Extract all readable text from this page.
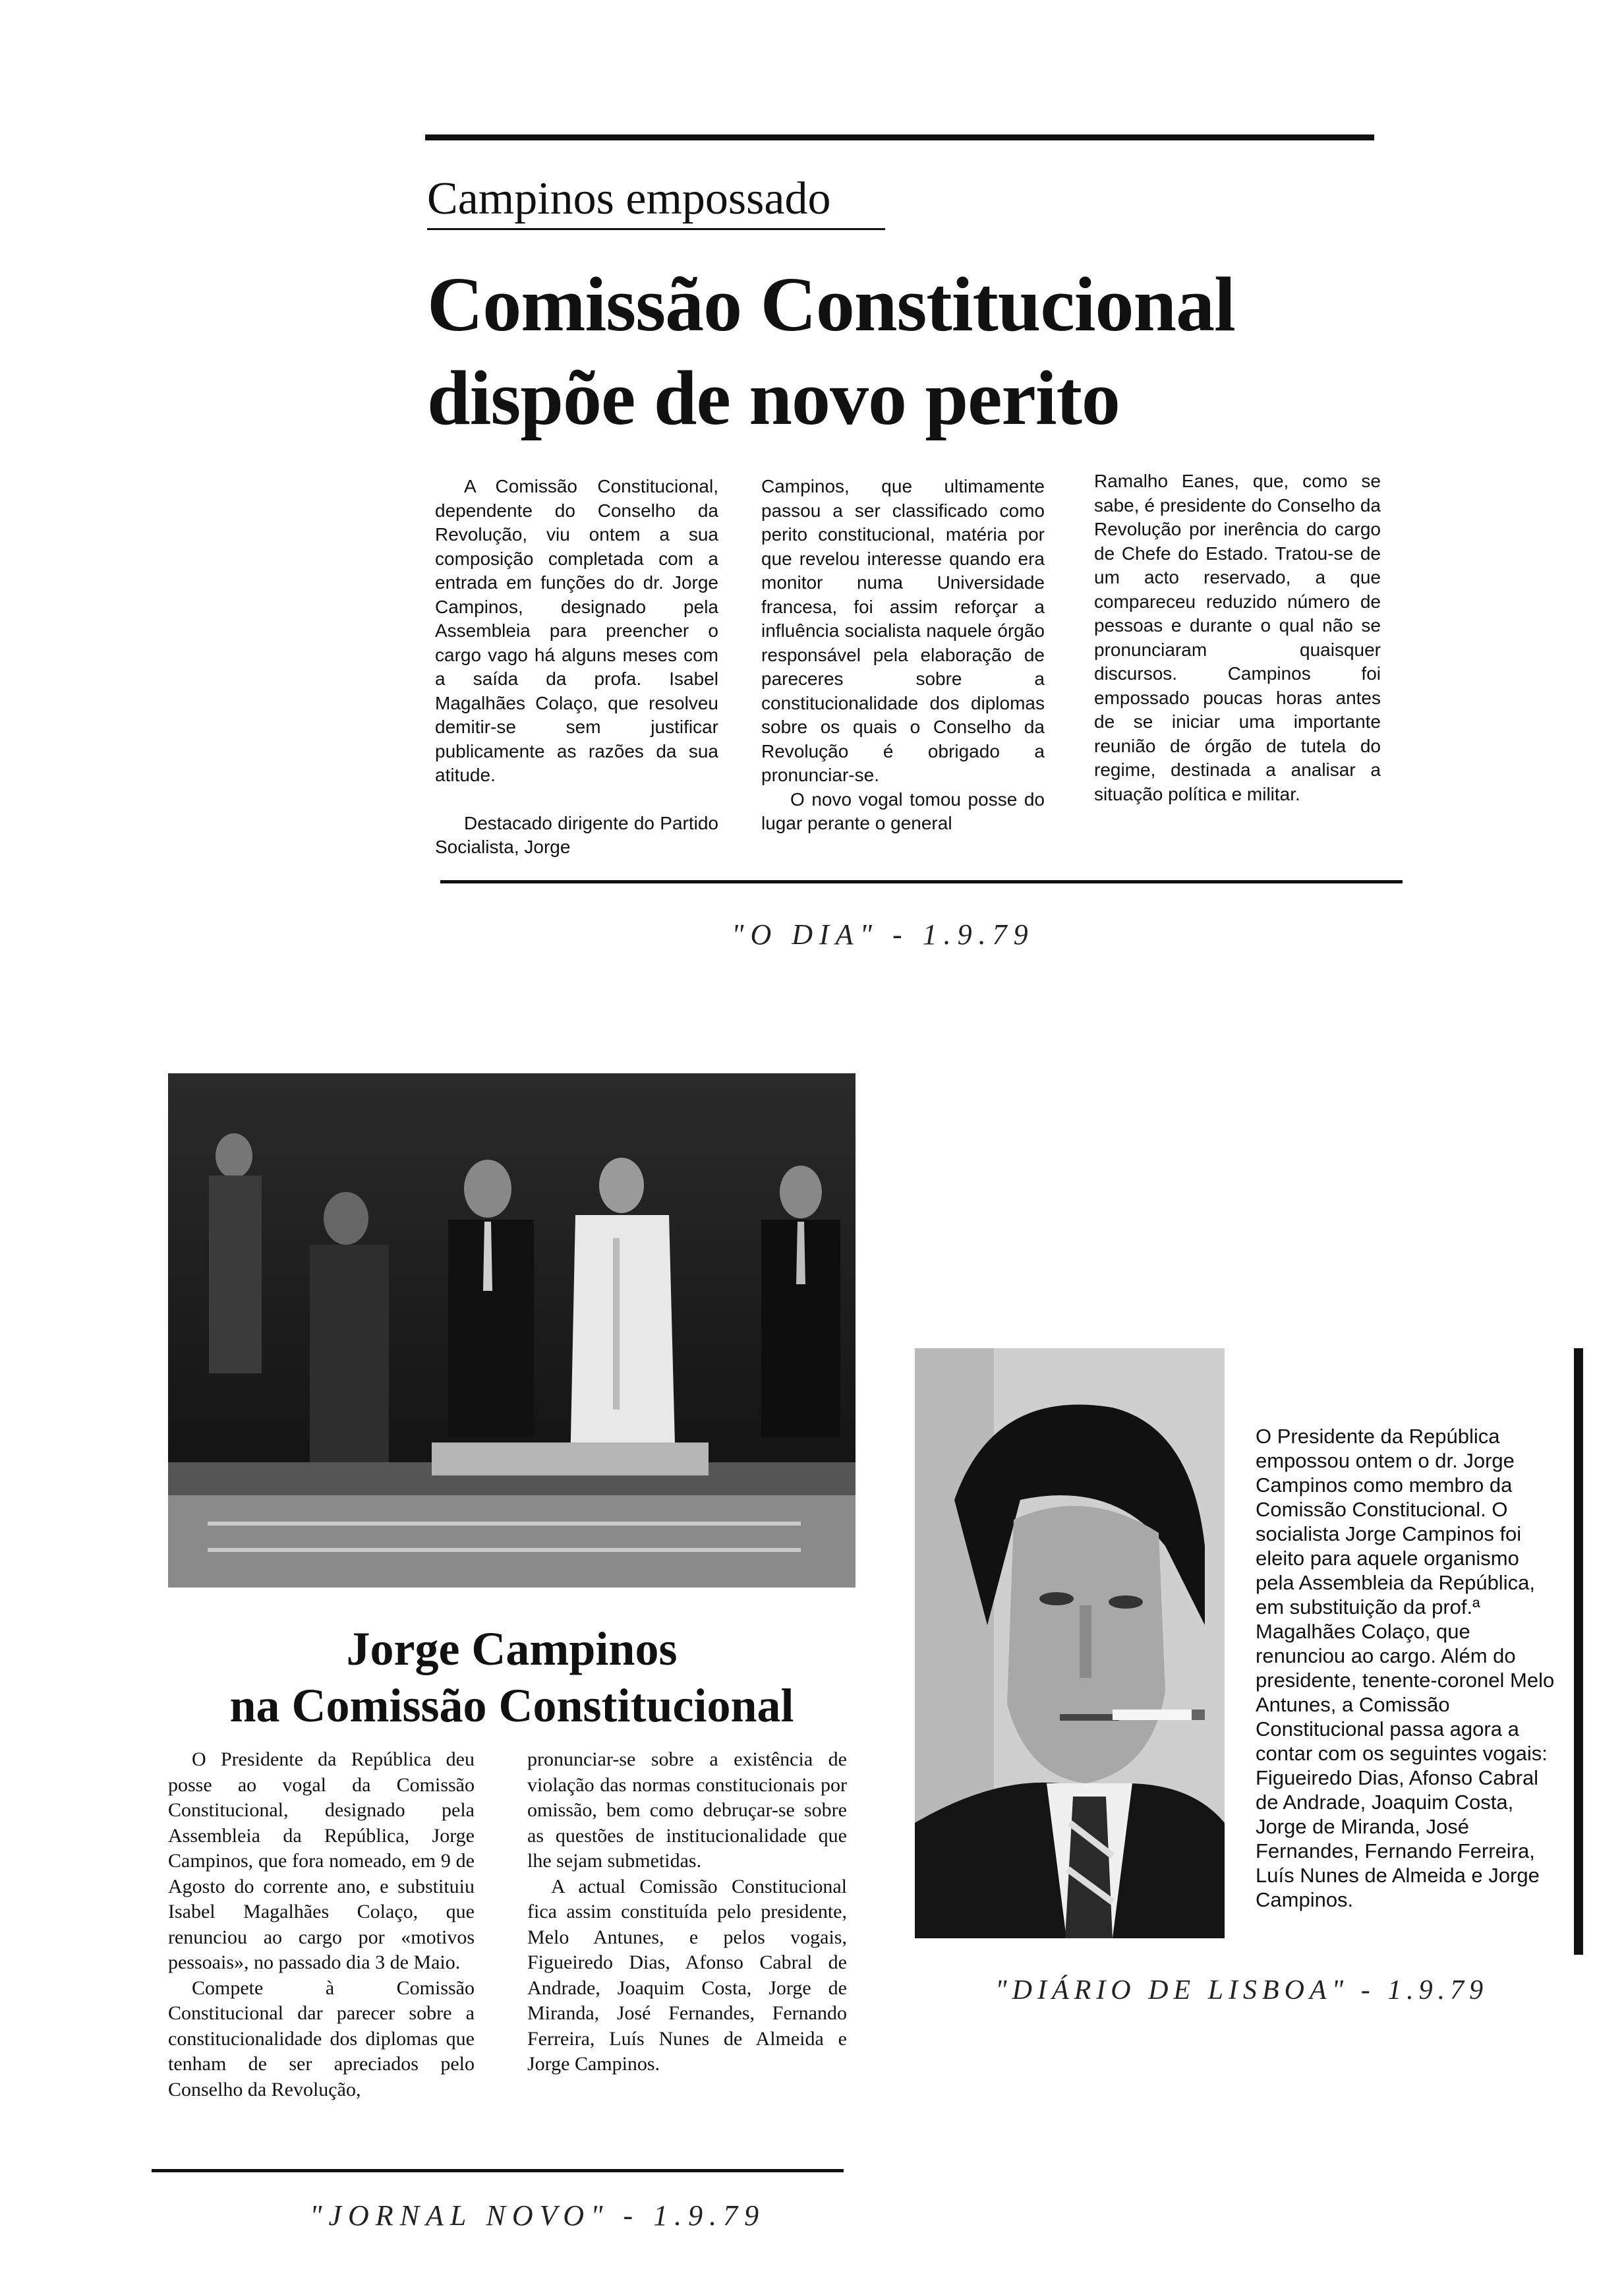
Campinos empossado
Comissão Constitucional
dispõe de novo perito

A Comissão Constitucional, dependente do Conselho da Revolução, viu ontem a sua composição completada com a entrada em funções do dr. Jorge Campinos, designado pela Assembleia para preencher o cargo vago há alguns meses com a saída da profa. Isabel Magalhães Colaço, que resolveu demitir-se sem justificar publicamente as razões da sua atitude.

Destacado dirigente do Partido Socialista, Jorge

Campinos, que ultimamente passou a ser classificado como perito constitucional, matéria por que revelou interesse quando era monitor numa Universidade francesa, foi assim reforçar a influência socialista naquele órgão responsável pela elaboração de pareceres sobre a constitucionalidade dos diplomas sobre os quais o Conselho da Revolução é obrigado a pronunciar-se.

O novo vogal tomou posse do lugar perante o general

Ramalho Eanes, que, como se sabe, é presidente do Conselho da Revolução por inerência do cargo de Chefe do Estado. Tratou-se de um acto reservado, a que compareceu reduzido número de pessoas e durante o qual não se pronunciaram quaisquer discursos. Campinos foi empossado poucas horas antes de se iniciar uma importante reunião de órgão de tutela do regime, destinada a analisar a situação política e militar.

"O DIA" - 1.9.79
Jorge Campinos
na Comissão Constitucional

O Presidente da República deu posse ao vogal da Comissão Constitucional, designado pela Assembleia da República, Jorge Campinos, que fora nomeado, em 9 de Agosto do corrente ano, e substituiu Isabel Magalhães Colaço, que renunciou ao cargo por «motivos pessoais», no passado dia 3 de Maio.

Compete à Comissão Constitucional dar parecer sobre a constitucionalidade dos diplomas que tenham de ser apreciados pelo Conselho da Revolução,

pronunciar-se sobre a existência de violação das normas constitucionais por omissão, bem como debruçar-se sobre as questões de institucionalidade que lhe sejam submetidas.

A actual Comissão Constitucional fica assim constituída pelo presidente, Melo Antunes, e pelos vogais, Figueiredo Dias, Afonso Cabral de Andrade, Joaquim Costa, Jorge de Miranda, José Fernandes, Fernando Ferreira, Luís Nunes de Almeida e Jorge Campinos.

"JORNAL NOVO" - 1.9.79
O Presidente da República empossou ontem o dr. Jorge Campinos como membro da Comissão Constitucional. O socialista Jorge Campinos foi eleito para aquele organismo pela Assembleia da República, em substituição da prof.ª Magalhães Colaço, que renunciou ao cargo. Além do presidente, tenente-coronel Melo Antunes, a Comissão Constitucional passa agora a contar com os seguintes vogais: Figueiredo Dias, Afonso Cabral de Andrade, Joaquim Costa, Jorge de Miranda, José Fernandes, Fernando Ferreira, Luís Nunes de Almeida e Jorge Campinos.
"DIÁRIO DE LISBOA" - 1.9.79
